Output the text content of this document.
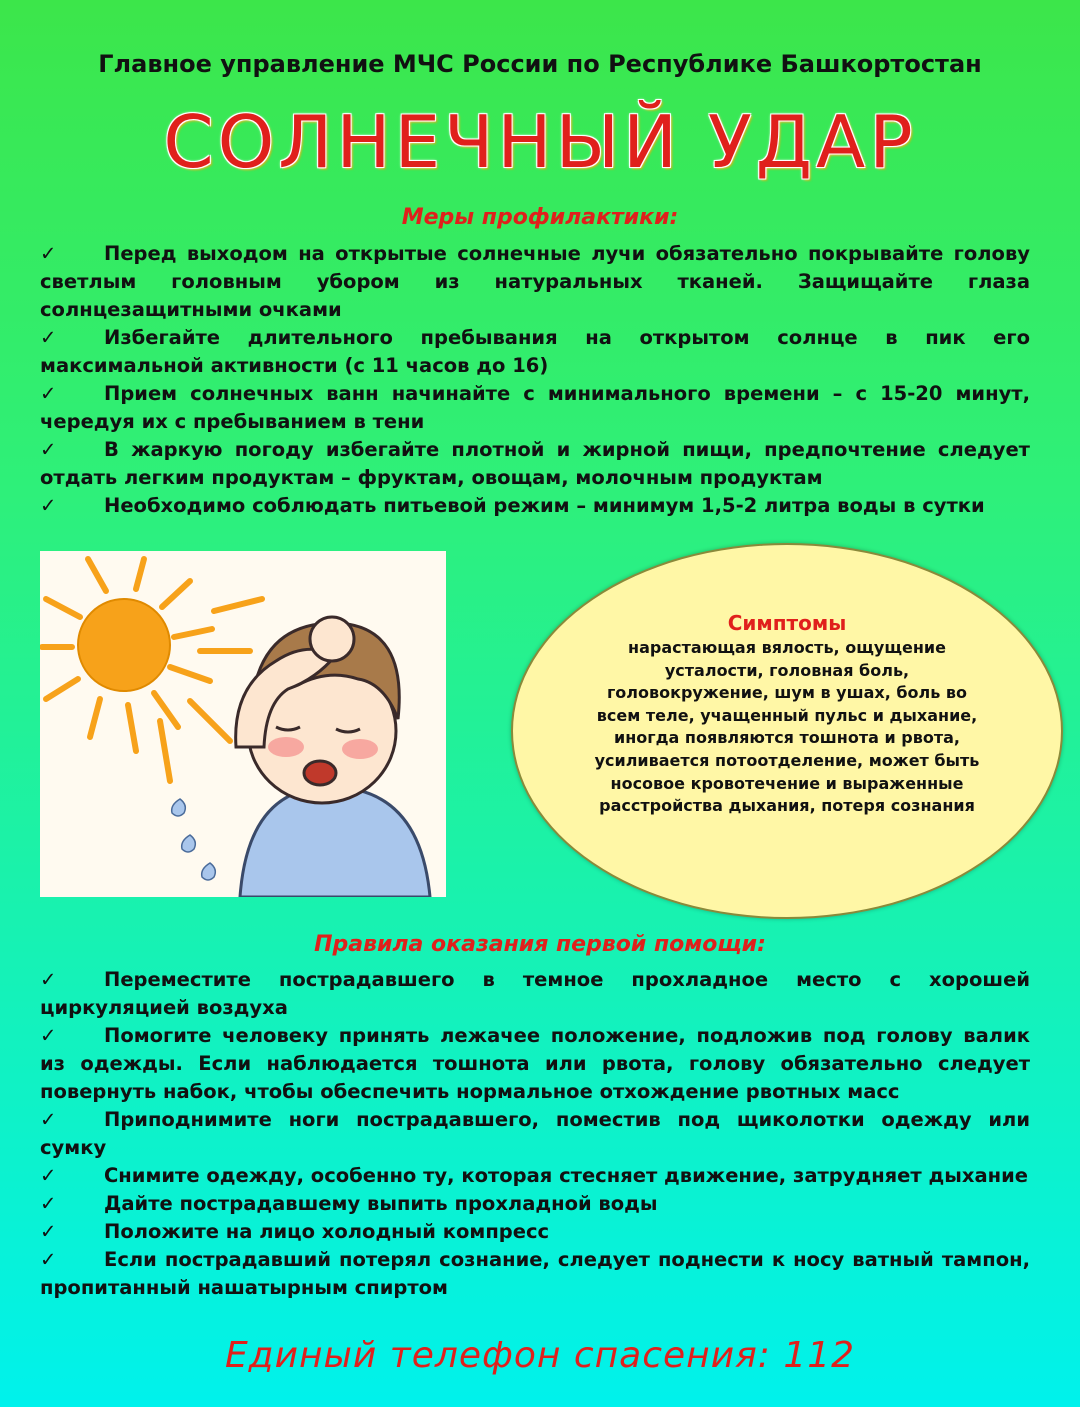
Главное управление МЧС России по Республике Башкортостан
СОЛНЕЧНЫЙ УДАР
Меры профилактики:
✓ Перед выходом на открытые солнечные лучи обязательно покрывайте голову светлым головным убором из натуральных тканей. Защищайте глаза солнцезащитными очками
✓ Избегайте длительного пребывания на открытом солнце в пик его максимальной активности (с 11 часов до 16)
✓ Прием солнечных ванн начинайте с минимального времени – с 15-20 минут, чередуя их с пребыванием в тени
✓ В жаркую погоду избегайте плотной и жирной пищи, предпочтение следует отдать легким продуктам – фруктам, овощам, молочным продуктам
✓ Необходимо соблюдать питьевой режим – минимум 1,5-2 литра воды в сутки
Симптомы
нарастающая вялость, ощущение усталости, головная боль, головокружение, шум в ушах, боль во всем теле, учащенный пульс и дыхание, иногда появляются тошнота и рвота, усиливается потоотделение, может быть носовое кровотечение и выраженные расстройства дыхания, потеря сознания
Правила оказания первой помощи:
✓ Переместите пострадавшего в темное прохладное место с хорошей циркуляцией воздуха
✓ Помогите человеку принять лежачее положение, подложив под голову валик из одежды. Если наблюдается тошнота или рвота, голову обязательно следует повернуть набок, чтобы обеспечить нормальное отхождение рвотных масс
✓ Приподнимите ноги пострадавшего, поместив под щиколотки одежду или сумку
✓ Снимите одежду, особенно ту, которая стесняет движение, затрудняет дыхание
✓ Дайте пострадавшему выпить прохладной воды
✓ Положите на лицо холодный компресс
✓ Если пострадавший потерял сознание, следует поднести к носу ватный тампон, пропитанный нашатырным спиртом
Единый телефон спасения: 112
